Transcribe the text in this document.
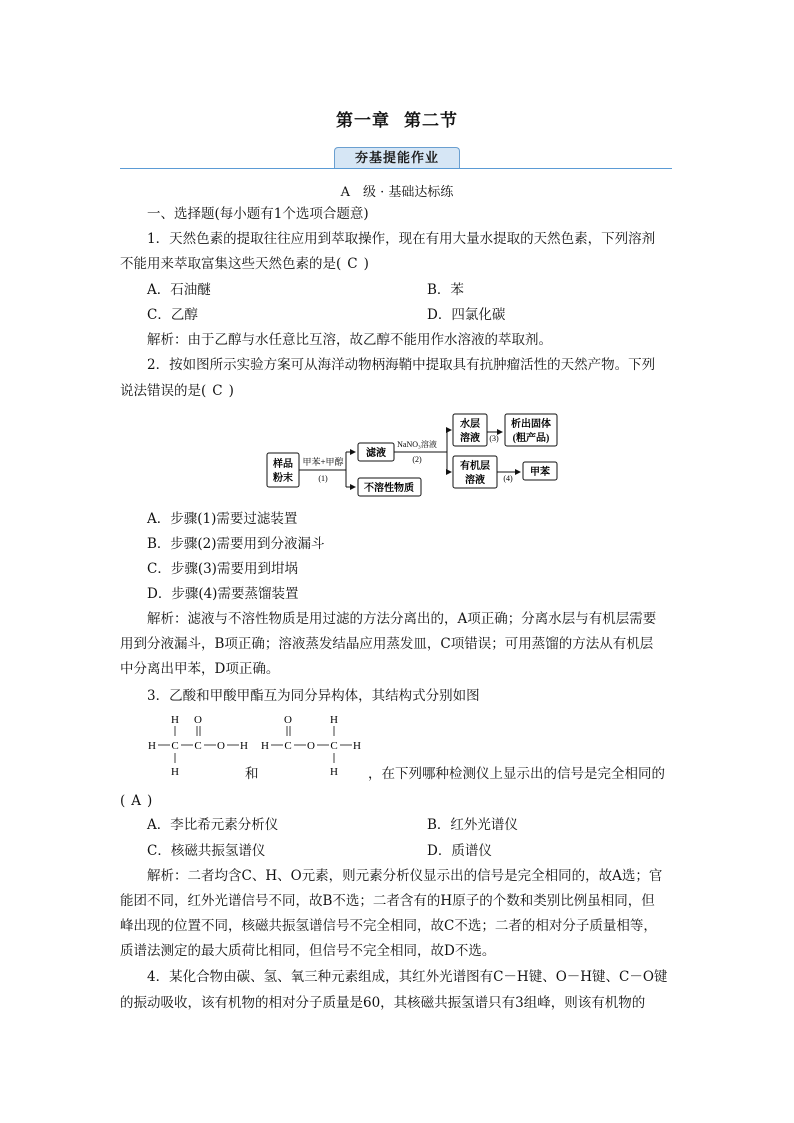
第一章 第二节
夯基提能作业
A　级 · 基础达标练
一、选择题(每小题有1个选项合题意)
1．天然色素的提取往往应用到萃取操作，现在有用大量水提取的天然色素，下列溶剂
不能用来萃取富集这些天然色素的是( C )
A．石油醚	B．苯
C．乙醇	D．四氯化碳
解析：由于乙醇与水任意比互溶，故乙醇不能用作水溶液的萃取剂。
2．按如图所示实验方案可从海洋动物柄海鞘中提取具有抗肿瘤活性的天然产物。下列
说法错误的是( C )
样品
粉末
甲苯+甲醇
(1)
滤液
不溶性物质
NaNO₃溶液
(2)
水层
溶液 (3)
析出固体
(粗产品)
有机层
溶液 (4)
甲苯
A．步骤(1)需要过滤装置
B．步骤(2)需要用到分液漏斗
C．步骤(3)需要用到坩埚
D．步骤(4)需要蒸馏装置
解析：滤液与不溶性物质是用过滤的方法分离出的，A项正确；分离水层与有机层需要
用到分液漏斗，B项正确；溶液蒸发结晶应用蒸发皿，C项错误；可用蒸馏的方法从有机层
中分离出甲苯，D项正确。
3．乙酸和甲酸甲酯互为同分异构体，其结构式分别如图
H O
H C C O H
H
O	H
H C O C H
H
和	，在下列哪种检测仪上显示出的信号是完全相同的
( A )
A．李比希元素分析仪	B．红外光谱仪
C．核磁共振氢谱仪	D．质谱仪
解析：二者均含C、H、O元素，则元素分析仪显示出的信号是完全相同的，故A选；官
能团不同，红外光谱信号不同，故B不选；二者含有的H原子的个数和类别比例虽相同，但
峰出现的位置不同，核磁共振氢谱信号不完全相同，故C不选；二者的相对分子质量相等，
质谱法测定的最大质荷比相同，但信号不完全相同，故D不选。
4．某化合物由碳、氢、氧三种元素组成，其红外光谱图有C－H键、O－H键、C－O键
的振动吸收，该有机物的相对分子质量是60，其核磁共振氢谱只有3组峰，则该有机物的
